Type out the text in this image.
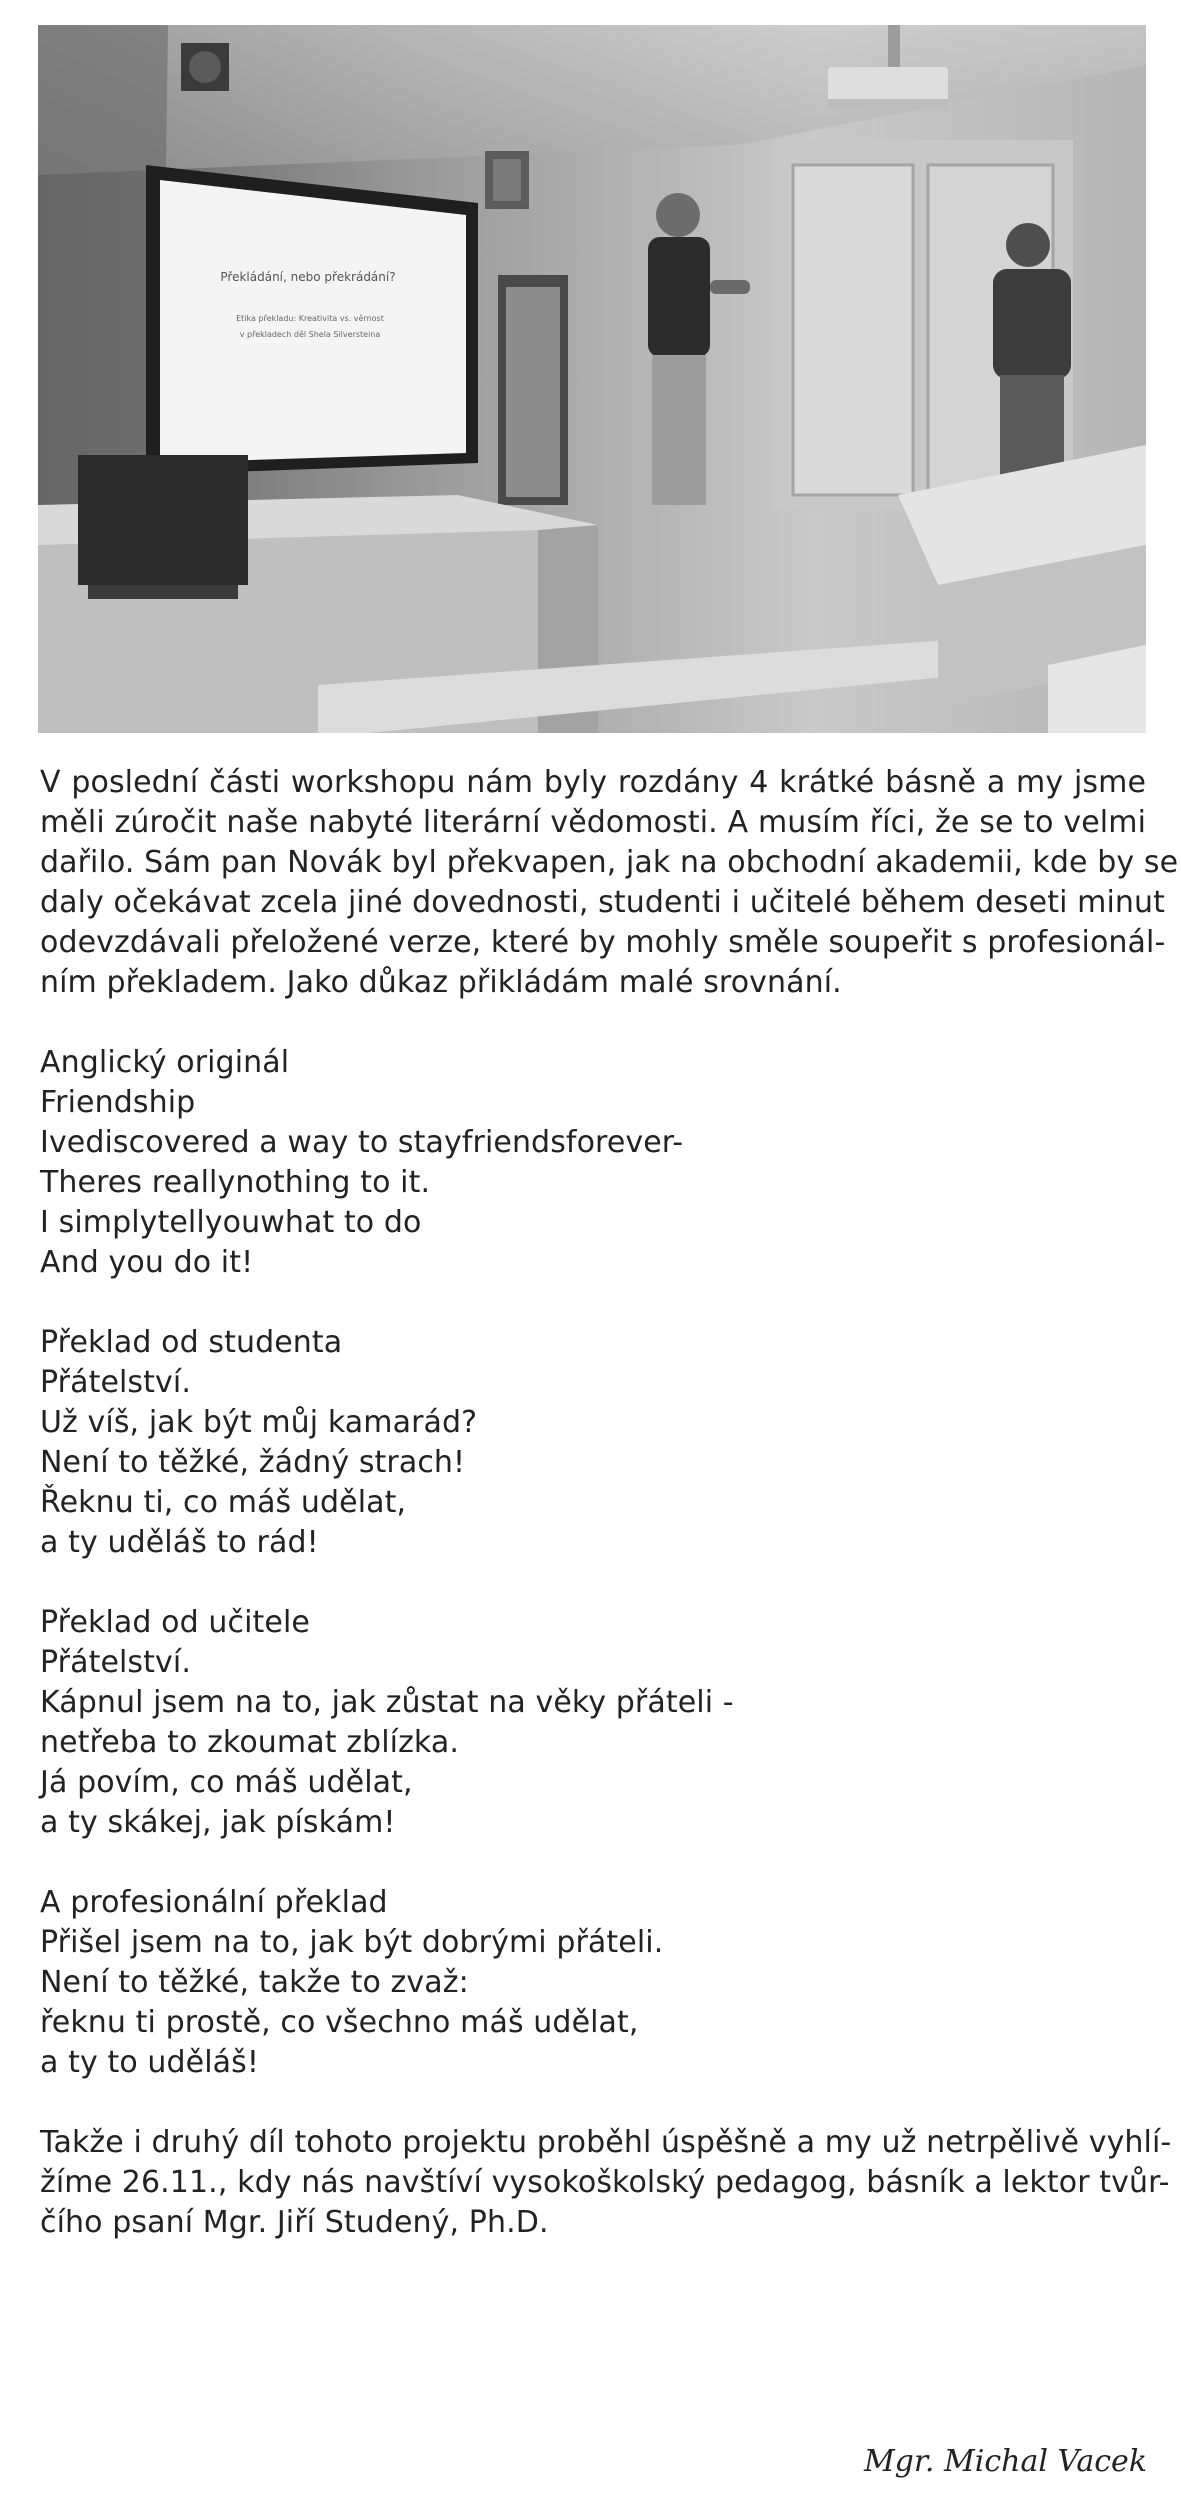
Překládání, nebo překrádání?
Etika překladu: Kreativita vs. věrnost
v překladech děl Shela Silversteina
V poslední části workshopu nám byly rozdány 4 krátké básně a my jsme
měli zúročit naše nabyté literární vědomosti. A musím říci, že se to velmi
dařilo. Sám pan Novák byl překvapen, jak na obchodní akademii, kde by se
daly očekávat zcela jiné dovednosti, studenti i učitelé během deseti minut
odevzdávali přeložené verze, které by mohly směle soupeřit s profesionál-
ním překladem. Jako důkaz přikládám malé srovnání.
Anglický originál
Friendship
Ivediscovered a way to stayfriendsforever-
Theres reallynothing to it.
I simplytellyouwhat to do
And you do it!
Překlad od studenta
Přátelství.
Už víš, jak být můj kamarád?
Není to těžké, žádný strach!
Řeknu ti, co máš udělat,
a ty uděláš to rád!
Překlad od učitele
Přátelství.
Kápnul jsem na to, jak zůstat na věky přáteli -
netřeba to zkoumat zblízka.
Já povím, co máš udělat,
a ty skákej, jak pískám!
A profesionální překlad
Přišel jsem na to, jak být dobrými přáteli.
Není to těžké, takže to zvaž:
řeknu ti prostě, co všechno máš udělat,
a ty to uděláš!
Takže i druhý díl tohoto projektu proběhl úspěšně a my už netrpělivě vyhlí-
žíme 26.11., kdy nás navštíví vysokoškolský pedagog, básník a lektor tvůr-
čího psaní Mgr. Jiří Studený, Ph.D.
Mgr. Michal Vacek
